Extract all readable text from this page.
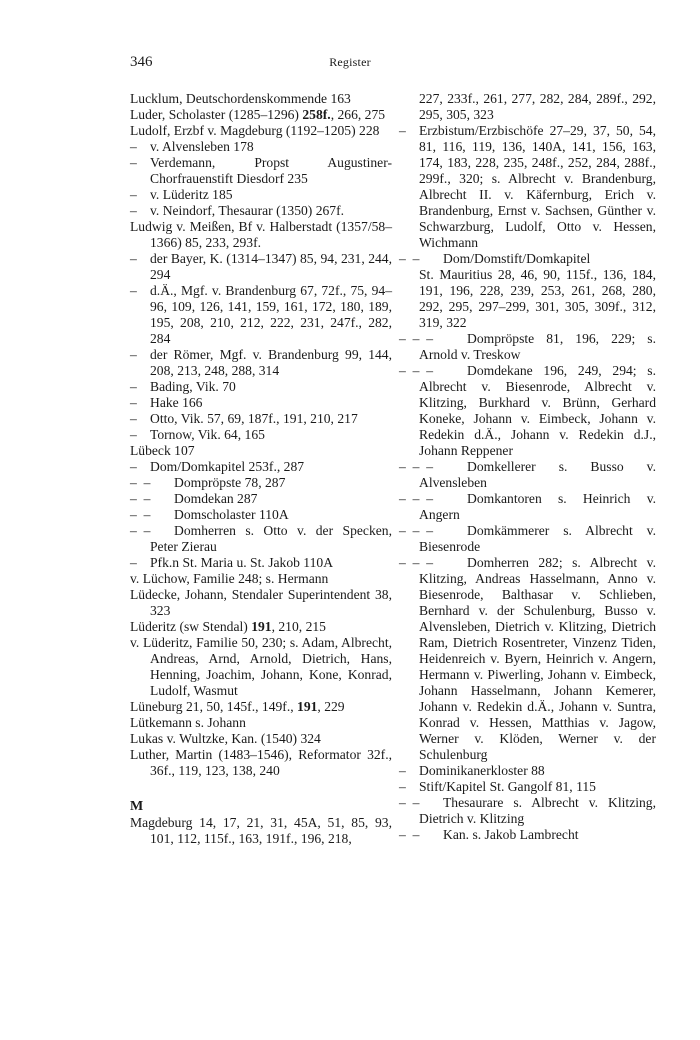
346	Register
Lucklum, Deutschordenskommende 163
Luder, Scholaster (1285–1296) 258f., 266, 275
Ludolf, Erzbf v. Magdeburg (1192–1205) 228
–
v. Alvensleben 178
–
Verdemann, Propst Augustiner-Chorfrauenstift Diesdorf 235
–
v. Lüderitz 185
–
v. Neindorf, Thesaurar (1350) 267f.
Ludwig v. Meißen, Bf v. Halberstadt (1357/58–1366) 85, 233, 293f.
–
der Bayer, K. (1314–1347) 85, 94, 231, 244, 294
–
d.Ä., Mgf. v. Brandenburg 67, 72f., 75, 94–96, 109, 126, 141, 159, 161, 172, 180, 189, 195, 208, 210, 212, 222, 231, 247f., 282, 284
–
der Römer, Mgf. v. Brandenburg 99, 144, 208, 213, 248, 288, 314
–
Bading, Vik. 70
–
Hake 166
–
Otto, Vik. 57, 69, 187f., 191, 210, 217
–
Tornow, Vik. 64, 165
Lübeck 107
–
Dom/Domkapitel 253f., 287
–  –
Dompröpste 78, 287
–  –
Domdekan 287
–  –
Domscholaster 110A
–  –
Domherren s. Otto v. der Specken, Peter Zierau
–
Pfk.n St. Maria u. St. Jakob 110A
v. Lüchow, Familie 248; s. Hermann
Lüdecke, Johann, Stendaler Superintendent 38, 323
Lüderitz (sw Stendal) 191, 210, 215
v. Lüderitz, Familie 50, 230; s. Adam, Albrecht, Andreas, Arnd, Arnold, Dietrich, Hans, Henning, Joachim, Johann, Kone, Konrad, Ludolf, Wasmut
Lüneburg 21, 50, 145f., 149f., 191, 229
Lütkemann s. Johann
Lukas v. Wultzke, Kan. (1540) 324
Luther, Martin (1483–1546), Reformator 32f., 36f., 119, 123, 138, 240
M
Magdeburg 14, 17, 21, 31, 45A, 51, 85, 93, 101, 112, 115f., 163, 191f., 196, 218,
227, 233f., 261, 277, 282, 284, 289f., 292, 295, 305, 323
–
Erzbistum/Erzbischöfe 27–29, 37, 50, 54, 81, 116, 119, 136, 140A, 141, 156, 163, 174, 183, 228, 235, 248f., 252, 284, 288f., 299f., 320; s. Albrecht v. Brandenburg, Albrecht II. v. Käfernburg, Erich v. Brandenburg, Ernst v. Sachsen, Günther v. Schwarzburg, Ludolf, Otto v. Hessen, Wichmann
–  –
Dom/Domstift/Domkapitel
St. Mauritius 28, 46, 90, 115f., 136, 184, 191, 196, 228, 239, 253, 261, 268, 280, 292, 295, 297–299, 301, 305, 309f., 312, 319, 322
–  –  –
Dompröpste 81, 196, 229; s. Arnold v. Treskow
–  –  –
Domdekane 196, 249, 294; s. Albrecht v. Biesenrode, Albrecht v. Klitzing, Burkhard v. Brünn, Gerhard Koneke, Johann v. Eimbeck, Johann v. Redekin d.Ä., Johann v. Redekin d.J., Johann Reppener
–  –  –
Domkellerer s. Busso v. Alvensleben
–  –  –
Domkantoren s. Heinrich v. Angern
–  –  –
Domkämmerer s. Albrecht v. Biesenrode
–  –  –
Domherren 282; s. Albrecht v. Klitzing, Andreas Hasselmann, Anno v. Biesenrode, Balthasar v. Schlieben, Bernhard v. der Schulenburg, Busso v. Alvensleben, Dietrich v. Klitzing, Dietrich Ram, Dietrich Rosentreter, Vinzenz Tiden, Heidenreich v. Byern, Heinrich v. Angern, Hermann v. Piwerling, Johann v. Eimbeck, Johann Hasselmann, Johann Kemerer, Johann v. Redekin d.Ä., Johann v. Suntra, Konrad v. Hessen, Matthias v. Jagow, Werner v. Klöden, Werner v. der Schulenburg
–
Dominikanerkloster 88
–
Stift/Kapitel St. Gangolf 81, 115
–  –
Thesaurare s. Albrecht v. Klitzing, Dietrich v. Klitzing
–  –
Kan. s. Jakob Lambrecht
